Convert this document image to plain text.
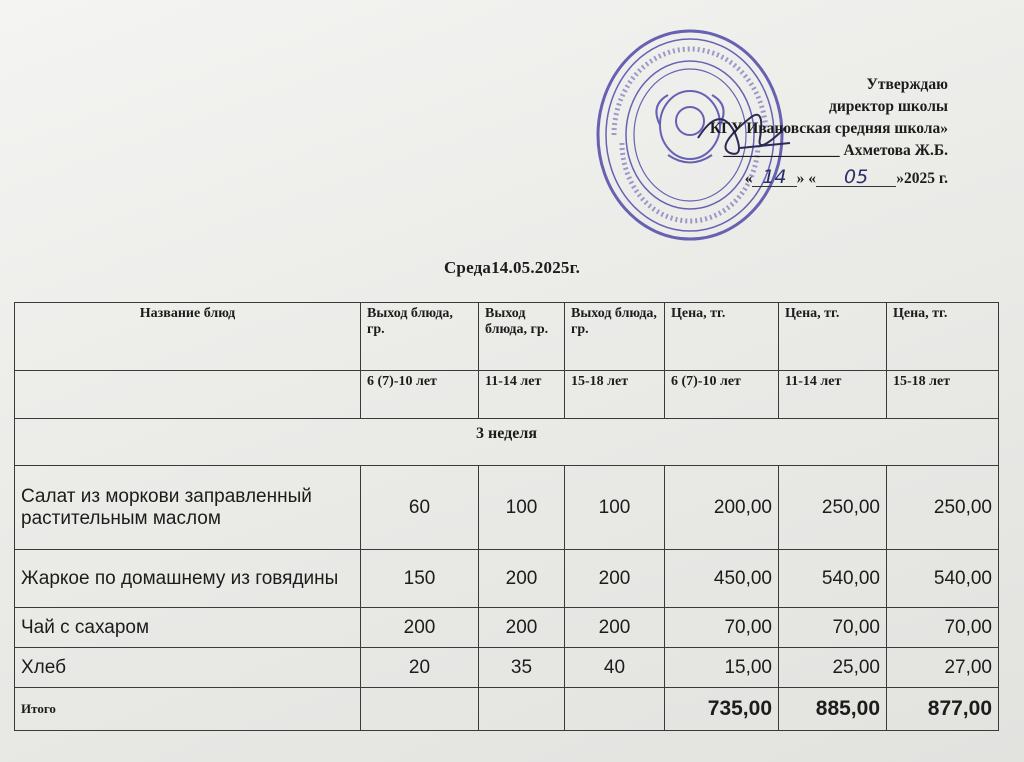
Утверждаю
директор школы
КГУ Ивановская средняя школа»
_______________ Ахметова Ж.Б.
« 14 » « 05 »2025 г.
Среда14.05.2025г.
Название блюд	Выход блюда, гр.	Выход блюда, гр.	Выход блюда, гр.	Цена, тг.	Цена, тг.	Цена, тг.
	6 (7)-10 лет	11-14 лет	15-18 лет	6 (7)-10 лет	11-14 лет	15-18 лет
3 неделя						
Салат из моркови заправленный растительным маслом	60	100	100	200,00	250,00	250,00
Жаркое по домашнему из говядины	150	200	200	450,00	540,00	540,00
Чай с сахаром	200	200	200	70,00	70,00	70,00
Хлеб	20	35	40	15,00	25,00	27,00
Итого				735,00	885,00	877,00
